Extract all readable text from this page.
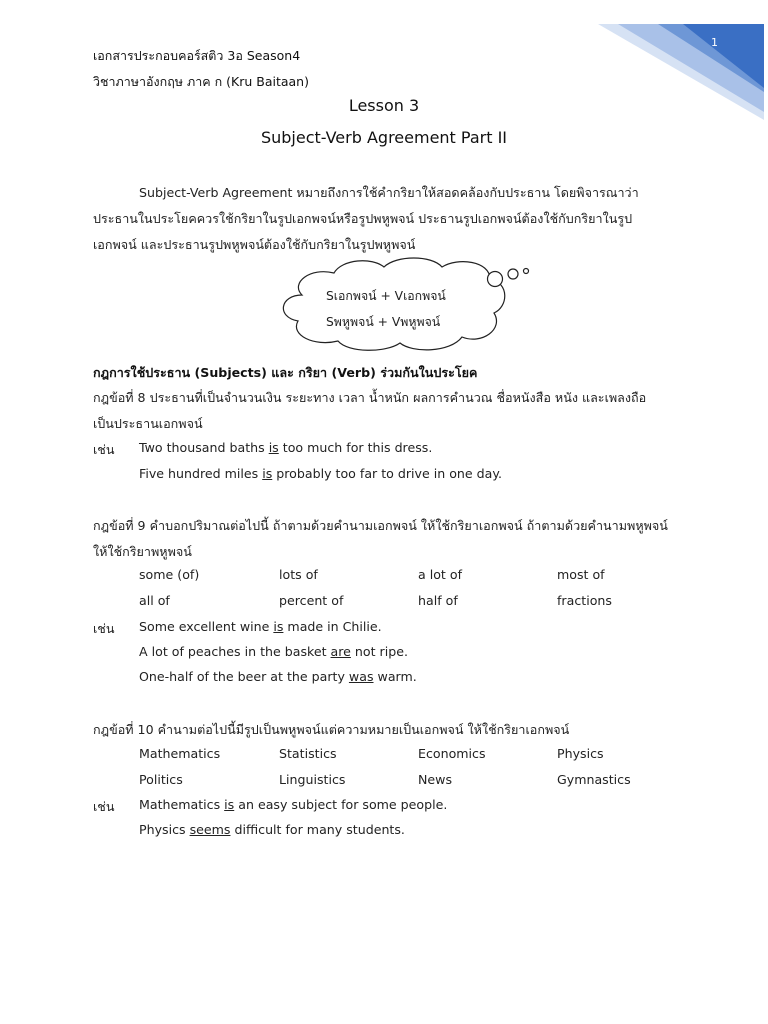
1
เอกสารประกอบคอร์สติว 3อ Season4
วิชาภาษาอังกฤษ ภาค ก (Kru Baitaan)
Lesson 3
Subject-Verb Agreement Part II
Subject-Verb Agreement หมายถึงการใช้คำกริยาให้สอดคล้องกับประธาน โดยพิจารณาว่า
ประธานในประโยคควรใช้กริยาในรูปเอกพจน์หรือรูปพหูพจน์ ประธานรูปเอกพจน์ต้องใช้กับกริยาในรูป
เอกพจน์ และประธานรูปพหูพจน์ต้องใช้กับกริยาในรูปพหูพจน์
Sเอกพจน์ + Vเอกพจน์
Sพหูพจน์ + Vพหูพจน์
กฎการใช้ประธาน (Subjects) และ กริยา (Verb) ร่วมกันในประโยค
กฎข้อที่ 8 ประธานที่เป็นจำนวนเงิน ระยะทาง เวลา น้ำหนัก ผลการคำนวณ ชื่อหนังสือ หนัง และเพลงถือ
เป็นประธานเอกพจน์
เช่น Two thousand baths is too much for this dress.
Five hundred miles is probably too far to drive in one day.
กฎข้อที่ 9 คำบอกปริมาณต่อไปนี้ ถ้าตามด้วยคำนามเอกพจน์ ให้ใช้กริยาเอกพจน์ ถ้าตามด้วยคำนามพหูพจน์
ให้ใช้กริยาพหูพจน์
some (of)	lots of	a lot of	most of
all of	percent of	half of	fractions
เช่น Some excellent wine is made in Chilie.
A lot of peaches in the basket are not ripe.
One-half of the beer at the party was warm.
กฎข้อที่ 10 คำนามต่อไปนี้มีรูปเป็นพหูพจน์แต่ความหมายเป็นเอกพจน์ ให้ใช้กริยาเอกพจน์
Mathematics	Statistics	Economics	Physics
Politics	Linguistics	News	Gymnastics
เช่น Mathematics is an easy subject for some people.
Physics seems difficult for many students.
